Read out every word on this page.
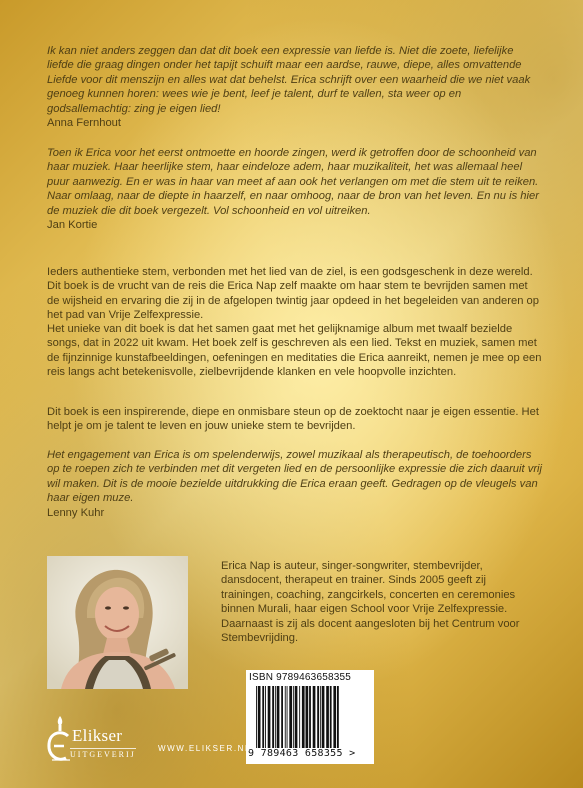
Ik kan niet anders zeggen dan dat dit boek een expressie van liefde is. Niet die zoete, liefelijke liefde die graag dingen onder het tapijt schuift maar een aardse, rauwe, diepe, alles omvattende Liefde voor dit menszijn en alles wat dat behelst. Erica schrijft over een waarheid die we niet vaak genoeg kunnen horen: wees wie je bent, leef je talent, durf te vallen, sta weer op en godsallemachtig: zing je eigen lied!

Anna Fernhout

Toen ik Erica voor het eerst ontmoette en hoorde zingen, werd ik getroffen door de schoonheid van haar muziek. Haar heerlijke stem, haar eindeloze adem, haar muzikaliteit, het was allemaal heel puur aanwezig. En er was in haar van meet af aan ook het verlangen om met die stem uit te reiken. Naar omlaag, naar de diepte in haarzelf, en naar omhoog, naar de bron van het leven. En nu is hier de muziek die dit boek vergezelt. Vol schoonheid en vol uitreiken.

Jan Kortie

Ieders authentieke stem, verbonden met het lied van de ziel, is een godsgeschenk in deze wereld. Dit boek is de vrucht van de reis die Erica Nap zelf maakte om haar stem te bevrijden samen met de wijsheid en ervaring die zij in de afgelopen twintig jaar opdeed in het begeleiden van anderen op het pad van Vrije Zelfexpressie.

Het unieke van dit boek is dat het samen gaat met het gelijknamige album met twaalf bezielde songs, dat in 2022 uit kwam. Het boek zelf is geschreven als een lied. Tekst en muziek, samen met de fijnzinnige kunstafbeeldingen, oefeningen en meditaties die Erica aanreikt, nemen je mee op een reis langs acht betekenisvolle, zielbevrijdende klanken en vele hoopvolle inzichten.

Dit boek is een inspirerende, diepe en onmisbare steun op de zoektocht naar je eigen essentie. Het helpt je om je talent te leven en jouw unieke stem te bevrijden.

Het engagement van Erica is om spelenderwijs, zowel muzikaal als therapeutisch, de toehoorders op te roepen zich te verbinden met dit vergeten lied en de persoonlijke expressie die zich daaruit vrij wil maken. Dit is de mooie bezielde uitdrukking die Erica eraan geeft. Gedragen op de vleugels van haar eigen muze.

Lenny Kuhr

Erica Nap is auteur, singer-songwriter, stembevrijder, dansdocent, therapeut en trainer. Sinds 2005 geeft zij trainingen, coaching, zangcirkels, concerten en ceremonies binnen Murali, haar eigen School voor Vrije Zelfexpressie. Daarnaast is zij als docent aangesloten bij het Centrum voor Stembevrijding.

ISBN 9789463658355
9 789463 658355 >
Elikser
UITGEVERIJ
WWW.ELIKSER.NL
